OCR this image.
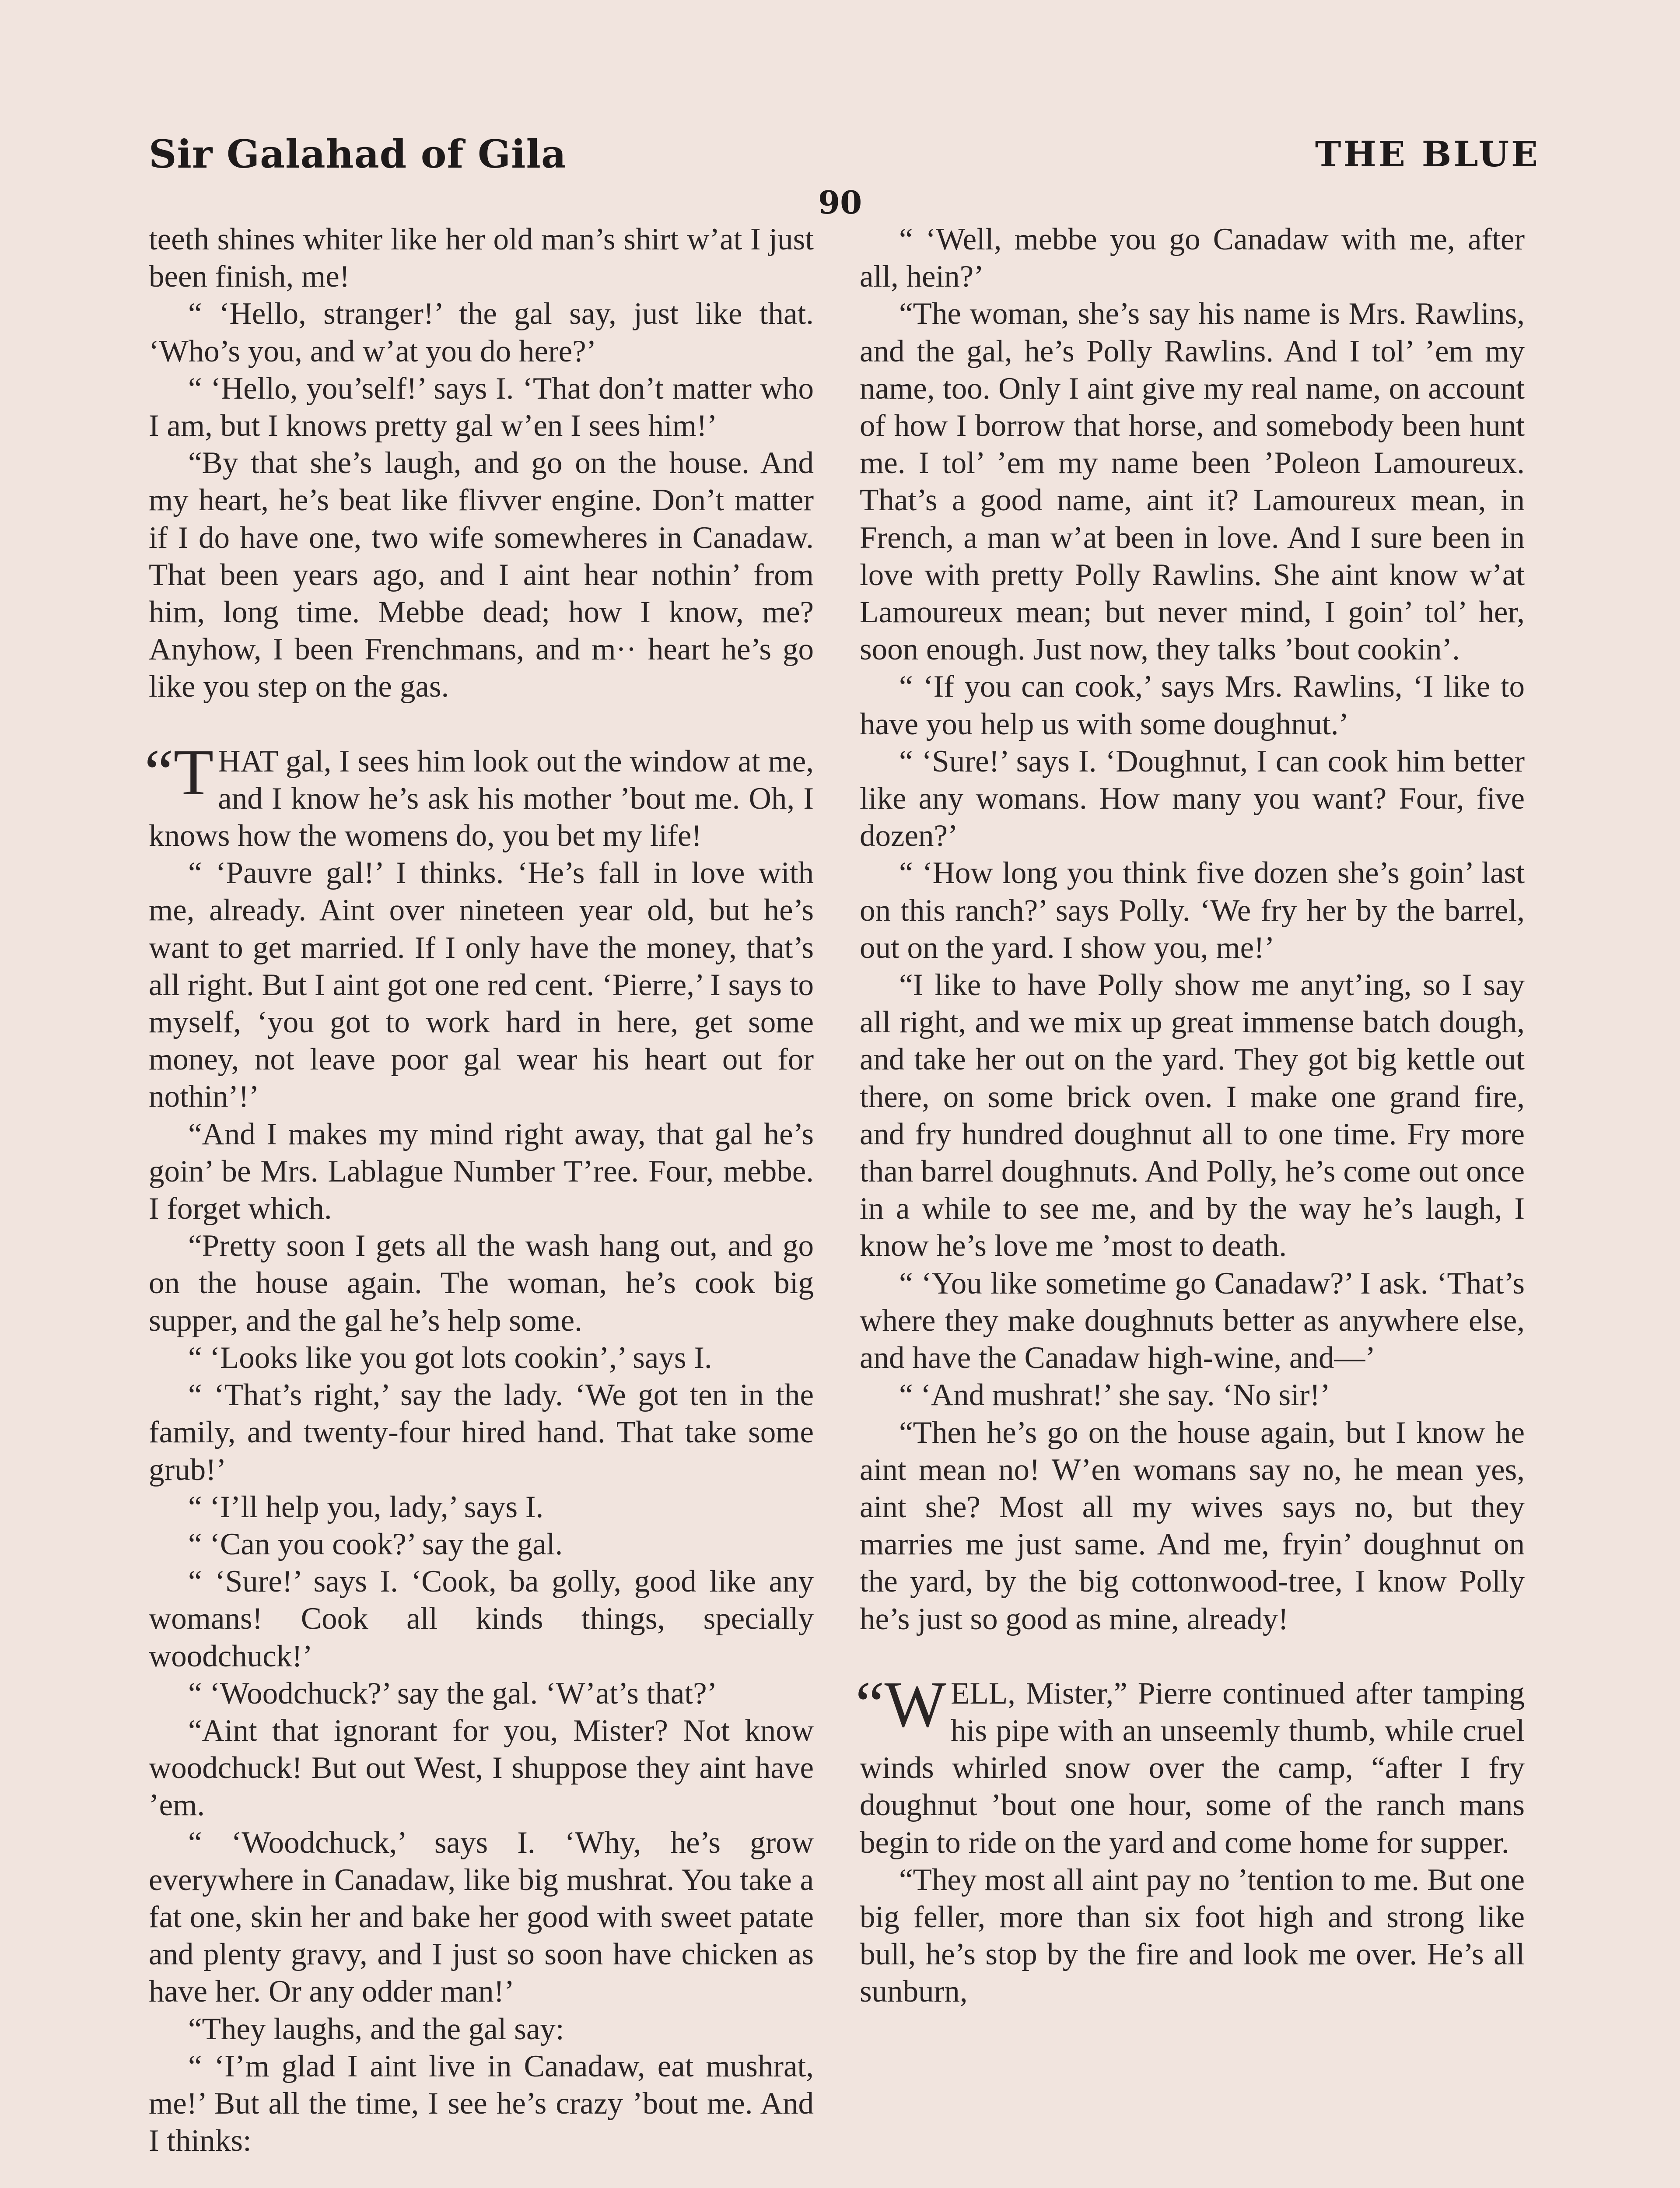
Sir Galahad of Gila	THE BLUE
90

teeth shines whiter like her old man’s shirt w’at I just been finish, me!

“ ‘Hello, stranger!’ the gal say, just like that. ‘Who’s you, and w’at you do here?’

“ ‘Hello, you’self!’ says I. ‘That don’t matter who I am, but I knows pretty gal w’en I sees him!’

“By that she’s laugh, and go on the house. And my heart, he’s beat like flivver engine. Don’t matter if I do have one, two wife somewheres in Canadaw. That been years ago, and I aint hear nothin’ from him, long time. Mebbe dead; how I know, me? Anyhow, I been Frenchmans, and m·· heart he’s go like you step on the gas.

“THAT gal, I sees him look out the window at me, and I know he’s ask his mother ’bout me. Oh, I knows how the womens do, you bet my life!

“ ‘Pauvre gal!’ I thinks. ‘He’s fall in love with me, already. Aint over nineteen year old, but he’s want to get married. If I only have the money, that’s all right. But I aint got one red cent. ‘Pierre,’ I says to myself, ‘you got to work hard in here, get some money, not leave poor gal wear his heart out for nothin’!’

“And I makes my mind right away, that gal he’s goin’ be Mrs. Lablague Number T’ree. Four, mebbe. I forget which.

“Pretty soon I gets all the wash hang out, and go on the house again. The woman, he’s cook big supper, and the gal he’s help some.

“ ‘Looks like you got lots cookin’,’ says I.

“ ‘That’s right,’ say the lady. ‘We got ten in the family, and twenty-four hired hand. That take some grub!’

“ ‘I’ll help you, lady,’ says I.

“ ‘Can you cook?’ say the gal.

“ ‘Sure!’ says I. ‘Cook, ba golly, good like any womans! Cook all kinds things, specially woodchuck!’

“ ‘Woodchuck?’ say the gal. ‘W’at’s that?’

“Aint that ignorant for you, Mister? Not know woodchuck! But out West, I shuppose they aint have ’em.

“ ‘Woodchuck,’ says I. ‘Why, he’s grow everywhere in Canadaw, like big mushrat. You take a fat one, skin her and bake her good with sweet patate and plenty gravy, and I just so soon have chicken as have her. Or any odder man!’

“They laughs, and the gal say:

“ ‘I’m glad I aint live in Canadaw, eat mushrat, me!’ But all the time, I see he’s crazy ’bout me. And I thinks:

“ ‘Well, mebbe you go Canadaw with me, after all, hein?’

“The woman, she’s say his name is Mrs. Rawlins, and the gal, he’s Polly Rawlins. And I tol’ ’em my name, too. Only I aint give my real name, on account of how I borrow that horse, and somebody been hunt me. I tol’ ’em my name been ’Poleon Lamoureux. That’s a good name, aint it? Lamoureux mean, in French, a man w’at been in love. And I sure been in love with pretty Polly Rawlins. She aint know w’at Lamoureux mean; but never mind, I goin’ tol’ her, soon enough. Just now, they talks ’bout cookin’.

“ ‘If you can cook,’ says Mrs. Rawlins, ‘I like to have you help us with some doughnut.’

“ ‘Sure!’ says I. ‘Doughnut, I can cook him better like any womans. How many you want? Four, five dozen?’

“ ‘How long you think five dozen she’s goin’ last on this ranch?’ says Polly. ‘We fry her by the barrel, out on the yard. I show you, me!’

“I like to have Polly show me anyt’ing, so I say all right, and we mix up great immense batch dough, and take her out on the yard. They got big kettle out there, on some brick oven. I make one grand fire, and fry hundred doughnut all to one time. Fry more than barrel doughnuts. And Polly, he’s come out once in a while to see me, and by the way he’s laugh, I know he’s love me ’most to death.

“ ‘You like sometime go Canadaw?’ I ask. ‘That’s where they make doughnuts better as anywhere else, and have the Canadaw high-wine, and—’

“ ‘And mushrat!’ she say. ‘No sir!’

“Then he’s go on the house again, but I know he aint mean no! W’en womans say no, he mean yes, aint she? Most all my wives says no, but they marries me just same. And me, fryin’ doughnut on the yard, by the big cottonwood-tree, I know Polly he’s just so good as mine, already!

“WELL, Mister,” Pierre continued after tamping his pipe with an unseemly thumb, while cruel winds whirled snow over the camp, “after I fry doughnut ’bout one hour, some of the ranch mans begin to ride on the yard and come home for supper.

“They most all aint pay no ’tention to me. But one big feller, more than six foot high and strong like bull, he’s stop by the fire and look me over. He’s all sunburn,
